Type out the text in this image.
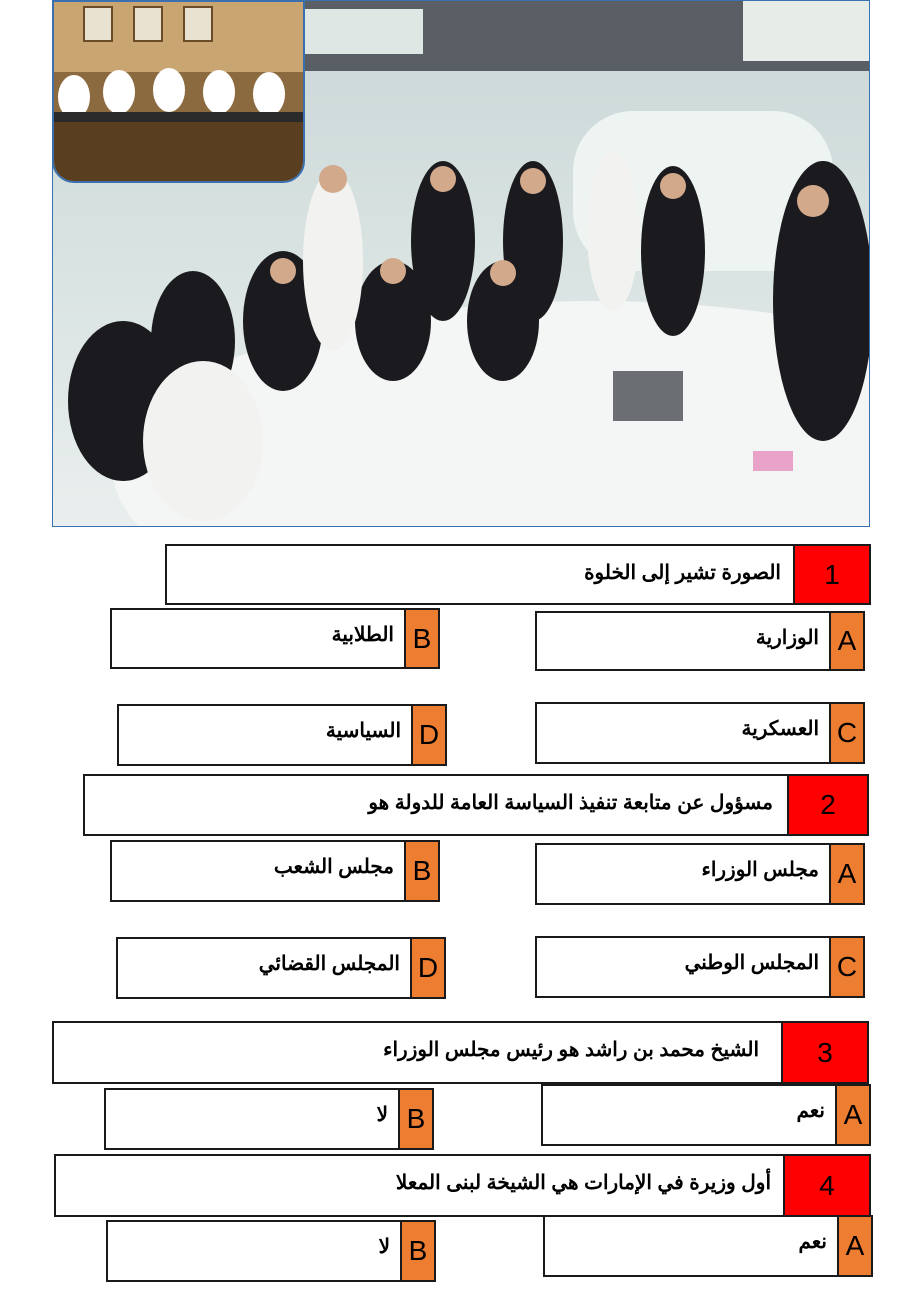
الصورة تشير إلى الخلوة	1
الوزارية A
الطلابية B
العسكرية C
السياسية D
مسؤول عن متابعة تنفيذ السياسة العامة للدولة هو	2
مجلس الوزراء A
مجلس الشعب B
المجلس الوطني C
المجلس القضائي D
الشيخ محمد بن راشد هو رئيس مجلس الوزراء	3
نعم A
لا B
أول وزيرة في الإمارات هي الشيخة لبنى المعلا	4
نعم A
لا B
